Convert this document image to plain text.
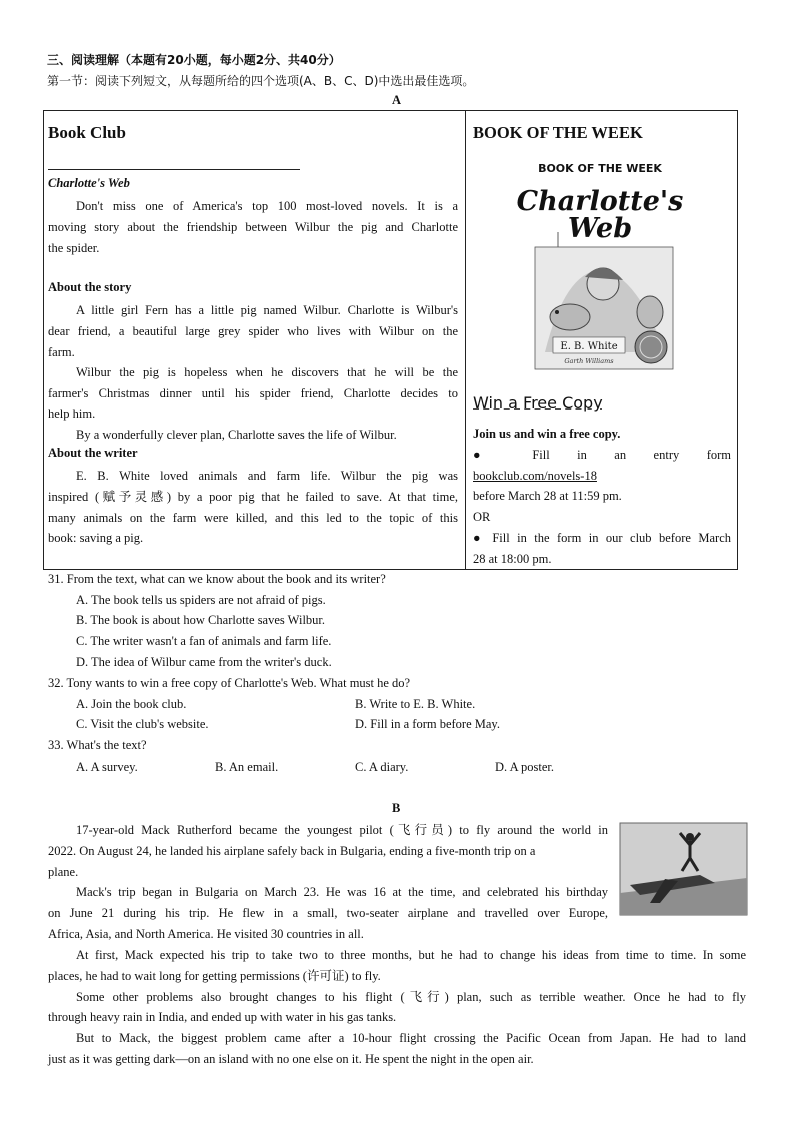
三、阅读理解（本题有20小题，每小题2分、共40分）
第一节：阅读下列短文，从每题所给的四个选项(A、B、C、D)中选出最佳选项。
A
Book Club
Charlotte's Web
Don't miss one of America's top 100 most-loved novels. It is a
moving story about the friendship between Wilbur the pig and Charlotte
the spider.
About the story
A little girl Fern has a little pig named Wilbur. Charlotte is Wilbur's
dear friend, a beautiful large grey spider who lives with Wilbur on the
farm.
Wilbur the pig is hopeless when he discovers that he will be the
farmer's Christmas dinner until his spider friend, Charlotte decides to
help him.
By a wonderfully clever plan, Charlotte saves the life of Wilbur.
About the writer
E. B. White loved animals and farm life. Wilbur the pig was
inspired (赋予灵感) by a poor pig that he failed to save. At that time,
many animals on the farm were killed, and this led to the topic of this
book: saving a pig.
BOOK OF THE WEEK
BOOK OF THE WEEK
Charlotte's
Web
E. B. White
Garth Williams
Win a Free Copy
Join us and win a free copy.
● Fill in an entry form
bookclub.com/novels-18
before March 28 at 11:59 pm.
OR
● Fill in the form in our club before March
28 at 18:00 pm.
31. From the text, what can we know about the book and its writer?
A. The book tells us spiders are not afraid of pigs.
B. The book is about how Charlotte saves Wilbur.
C. The writer wasn't a fan of animals and farm life.
D. The idea of Wilbur came from the writer's duck.
32. Tony wants to win a free copy of Charlotte's Web. What must he do?
A. Join the book club.	B. Write to E. B. White.
C. Visit the club's website.	D. Fill in a form before May.
33. What's the text?
A. A survey.	B. An email.	C. A diary.	D. A poster.
B
17-year-old Mack Rutherford became the youngest pilot (飞行员) to fly around the world in
2022. On August 24, he landed his airplane safely back in Bulgaria, ending a five-month trip on a
plane.
Mack's trip began in Bulgaria on March 23. He was 16 at the time, and celebrated his birthday
on June 21 during his trip. He flew in a small, two-seater airplane and travelled over Europe,
Africa, Asia, and North America. He visited 30 countries in all.
At first, Mack expected his trip to take two to three months, but he had to change his ideas from time to time. In some
places, he had to wait long for getting permissions (许可证) to fly.
Some other problems also brought changes to his flight (飞行) plan, such as terrible weather. Once he had to fly
through heavy rain in India, and ended up with water in his gas tanks.
But to Mack, the biggest problem came after a 10-hour flight crossing the Pacific Ocean from Japan. He had to land
just as it was getting dark—on an island with no one else on it. He spent the night in the open air.
